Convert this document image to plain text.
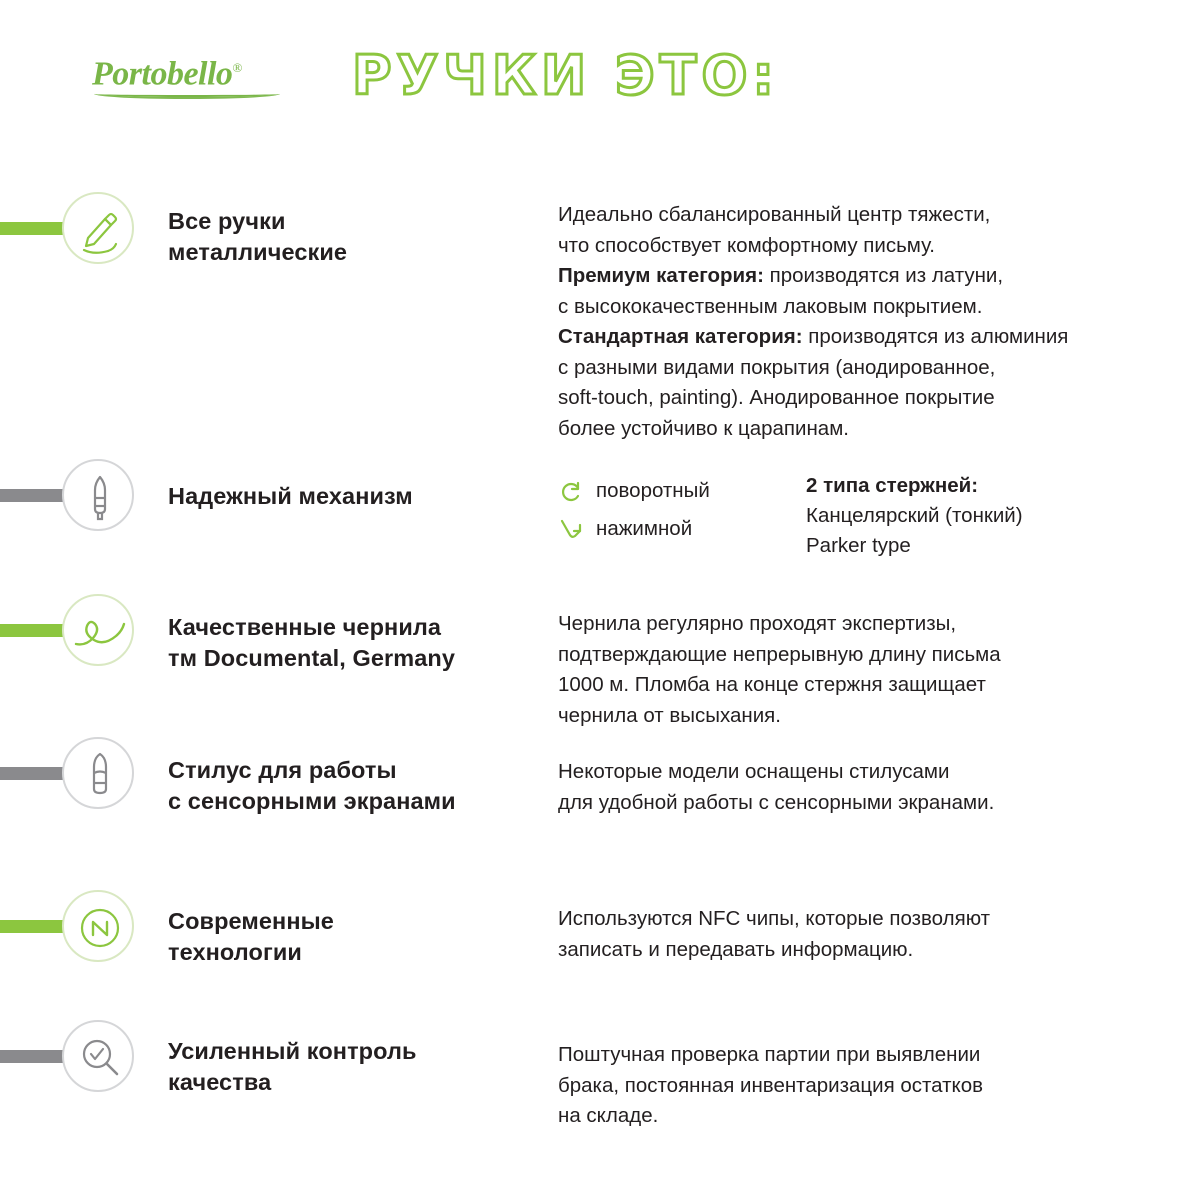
Portobello®	РУЧКИ ЭТО:
Все ручки
металлические
Идеально сбалансированный центр тяжести,
что способствует комфортному письму.
Премиум категория: производятся из латуни,
с высококачественным лаковым покрытием.
Стандартная категория: производятся из алюминия
с разными видами покрытия (анодированное,
soft-touch, painting). Анодированное покрытие
более устойчиво к царапинам.
Надежный механизм	поворотный
нажимной
2 типа стержней:
Канцелярский (тонкий)
Parker type
Качественные чернила
тм Documental, Germany
Чернила регулярно проходят экспертизы,
подтверждающие непрерывную длину письма
1000 м. Пломба на конце стержня защищает
чернила от высыхания.
Стилус для работы
с сенсорными экранами
Некоторые модели оснащены стилусами
для удобной работы с сенсорными экранами.
Современные
технологии
Используются NFC чипы, которые позволяют
записать и передавать информацию.
Усиленный контроль
качества
Поштучная проверка партии при выявлении
брака, постоянная инвентаризация остатков
на складе.
